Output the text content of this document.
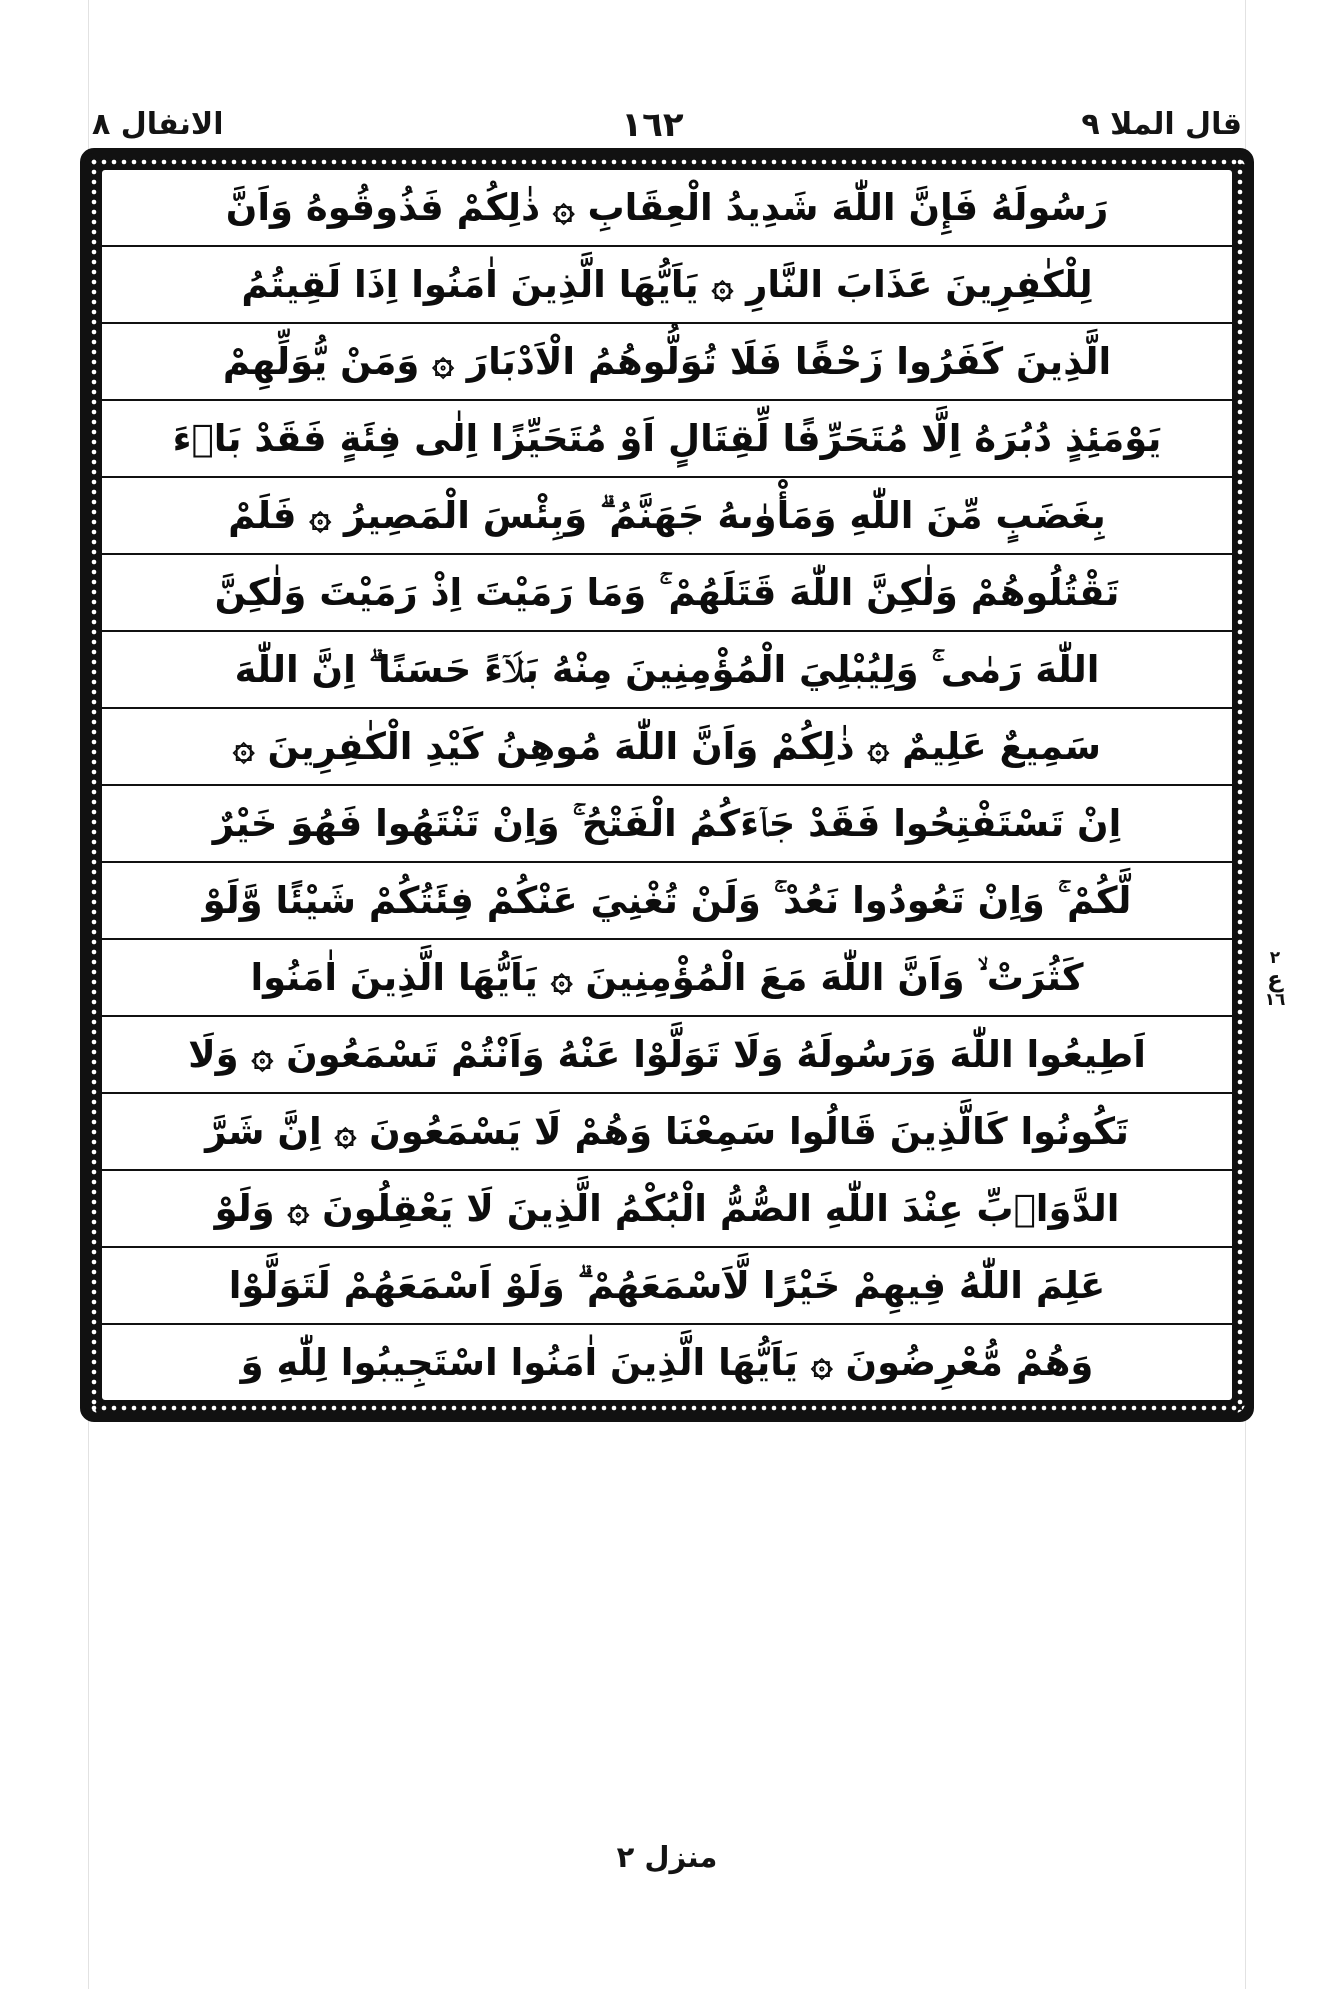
قال الملا ٩
١٦٢
الانفال ٨
رَسُولَهُ فَإِنَّ اللّٰهَ شَدِيدُ الْعِقَابِ ۞ ذٰلِكُمْ فَذُوقُوهُ وَاَنَّ
لِلْكٰفِرِينَ عَذَابَ النَّارِ ۞ يَاَيُّهَا الَّذِينَ اٰمَنُوا اِذَا لَقِيتُمُ
الَّذِينَ كَفَرُوا زَحْفًا فَلَا تُوَلُّوهُمُ الْاَدْبَارَ ۞ وَمَنْ يُّوَلِّهِمْ
يَوْمَئِذٍ دُبُرَهُ اِلَّا مُتَحَرِّفًا لِّقِتَالٍ اَوْ مُتَحَيِّزًا اِلٰى فِئَةٍ فَقَدْ بَاۤءَ
بِغَضَبٍ مِّنَ اللّٰهِ وَمَأْوٰىهُ جَهَنَّمُ ۗ وَبِئْسَ الْمَصِيرُ ۞ فَلَمْ
تَقْتُلُوهُمْ وَلٰكِنَّ اللّٰهَ قَتَلَهُمْ ۚ وَمَا رَمَيْتَ اِذْ رَمَيْتَ وَلٰكِنَّ
اللّٰهَ رَمٰى ۚ وَلِيُبْلِيَ الْمُؤْمِنِينَ مِنْهُ بَلَاۤءً حَسَنًا ۗ اِنَّ اللّٰهَ
سَمِيعٌ عَلِيمٌ ۞ ذٰلِكُمْ وَاَنَّ اللّٰهَ مُوهِنُ كَيْدِ الْكٰفِرِينَ ۞
اِنْ تَسْتَفْتِحُوا فَقَدْ جَاۤءَكُمُ الْفَتْحُ ۚ وَاِنْ تَنْتَهُوا فَهُوَ خَيْرٌ
لَّكُمْ ۚ وَاِنْ تَعُودُوا نَعُدْ ۚ وَلَنْ تُغْنِيَ عَنْكُمْ فِئَتُكُمْ شَيْئًا وَّلَوْ
كَثُرَتْ ۙ وَاَنَّ اللّٰهَ مَعَ الْمُؤْمِنِينَ ۞ يَاَيُّهَا الَّذِينَ اٰمَنُوا
اَطِيعُوا اللّٰهَ وَرَسُولَهُ وَلَا تَوَلَّوْا عَنْهُ وَاَنْتُمْ تَسْمَعُونَ ۞ وَلَا
تَكُونُوا كَالَّذِينَ قَالُوا سَمِعْنَا وَهُمْ لَا يَسْمَعُونَ ۞ اِنَّ شَرَّ
الدَّوَاۤبِّ عِنْدَ اللّٰهِ الصُّمُّ الْبُكْمُ الَّذِينَ لَا يَعْقِلُونَ ۞ وَلَوْ
عَلِمَ اللّٰهُ فِيهِمْ خَيْرًا لَّاَسْمَعَهُمْ ۗ وَلَوْ اَسْمَعَهُمْ لَتَوَلَّوْا
وَهُمْ مُّعْرِضُونَ ۞ يَاَيُّهَا الَّذِينَ اٰمَنُوا اسْتَجِيبُوا لِلّٰهِ وَ
٢
ع
١٦
منزل ٢
